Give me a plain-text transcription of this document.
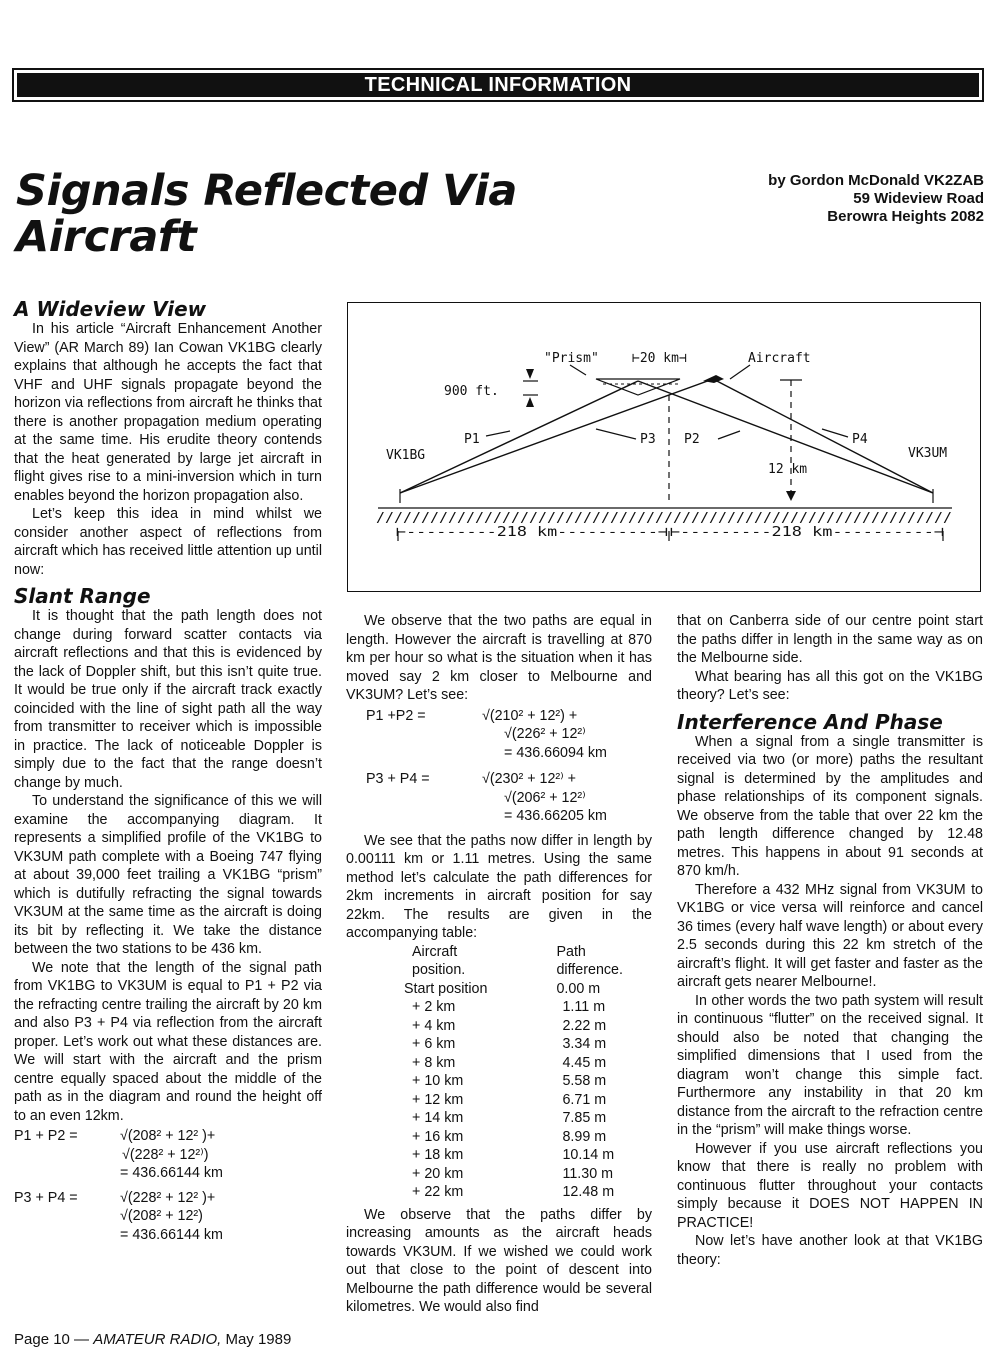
TECHNICAL INFORMATION
Signals Reflected Via Aircraft
by Gordon McDonald VK2ZAB
59 Wideview Road
Berowra Heights 2082
A Wideview View

In his article “Aircraft Enhancement Another View” (AR March 89) Ian Cowan VK1BG clearly explains that although he accepts the fact that VHF and UHF signals propagate beyond the horizon via reflections from aircraft he thinks that there is another propagation medium operating at the same time. His erudite theory contends that the heat generated by large jet aircraft in flight gives rise to a mini-inversion which in turn enables beyond the horizon propagation also.

Let’s keep this idea in mind whilst we consider another aspect of reflections from aircraft which has received little attention up until now:

Slant Range

It is thought that the path length does not change during forward scatter contacts via aircraft reflections and that this is evidenced by the lack of Doppler shift, but this isn’t quite true. It would be true only if the aircraft track exactly coincided with the line of sight path all the way from transmitter to receiver which is impossible in practice. The lack of noticeable Doppler is simply due to the fact that the range doesn’t change by much.

To understand the significance of this we will examine the accompanying diagram. It represents a simplified profile of the VK1BG to VK3UM path complete with a Boeing 747 flying at about 39,000 feet trailing a VK1BG “prism” which is dutifully refracting the signal towards VK3UM at the same time as the aircraft is doing its bit by reflecting it. We take the distance between the two stations to be 436 km.

We note that the length of the signal path from VK1BG to VK3UM is equal to P1 + P2 via the refracting centre trailing the aircraft by 20 km and also P3 + P4 via reflection from the aircraft proper. Let’s work out what these distances are. We will start with the aircraft and the prism centre equally spaced about the middle of the path as in the diagram and round the height off to an even 12km.

P1 + P2 =	√(208² + 12² )+
	√(228² + 12²⁾)
	= 436.66144 km
P3 + P4 =	√(228² + 12² )+
	√(208² + 12²)
	= 436.66144 km
"Prism"	⊢20 km⊣	Aircraft
900 ft.
P1	P3 P2	P4
VK1BG	VK3UM
12 km
////////////////////////////////////////////////////////////////
⊢---------218 km----------⊣ ⊢---------218 km----------⊣

We observe that the two paths are equal in length. However the aircraft is travelling at 870 km per hour so what is the situation when it has moved say 2 km closer to Melbourne and VK3UM? Let’s see:

P1 +P2 =	√(210² + 12²) +
	√(226² + 12²⁾
	= 436.66094 km
P3 + P4 =	√(230² + 12²⁾ +
	√(206² + 12²⁾
	= 436.66205 km

We see that the paths now differ in length by 0.00111 km or 1.11 metres. Using the same method let’s calculate the path differences for 2km increments in aircraft position for say 22km. The results are given in the accompanying table:

Aircraft	Path
position.	difference.
Start position	0.00 m
+ 2 km	1.11 m
+ 4 km	2.22 m
+ 6 km	3.34 m
+ 8 km	4.45 m
+ 10 km	5.58 m
+ 12 km	6.71 m
+ 14 km	7.85 m
+ 16 km	8.99 m
+ 18 km	10.14 m
+ 20 km	11.30 m
+ 22 km	12.48 m

We observe that the paths differ by increasing amounts as the aircraft heads towards VK3UM. If we wished we could work out that close to the point of descent into Melbourne the path difference would be several kilometres. We would also find

that on Canberra side of our centre point start the paths differ in length in the same way as on the Melbourne side.

What bearing has all this got on the VK1BG theory? Let’s see:

Interference And Phase

When a signal from a single transmitter is received via two (or more) paths the resultant signal is determined by the amplitudes and phase relationships of its component signals. We observe from the table that over 22 km the path length difference changed by 12.48 metres. This happens in about 91 seconds at 870 km/h.

Therefore a 432 MHz signal from VK3UM to VK1BG or vice versa will reinforce and cancel 36 times (every half wave length) or about every 2.5 seconds during this 22 km stretch of the aircraft’s flight. It will get faster and faster as the aircraft gets nearer Melbourne!.

In other words the two path system will result in continuous “flutter” on the received signal. It should also be noted that changing the simplified dimensions that I used from the diagram won’t change this simple fact. Furthermore any instability in that 20 km distance from the aircraft to the refraction centre in the “prism” will make things worse.

However if you use aircraft reflections you know that there is really no problem with continuous flutter throughout your contacts simply because it DOES NOT HAPPEN IN PRACTICE!

Now let’s have another look at that VK1BG theory:

Page 10 — AMATEUR RADIO, May 1989
